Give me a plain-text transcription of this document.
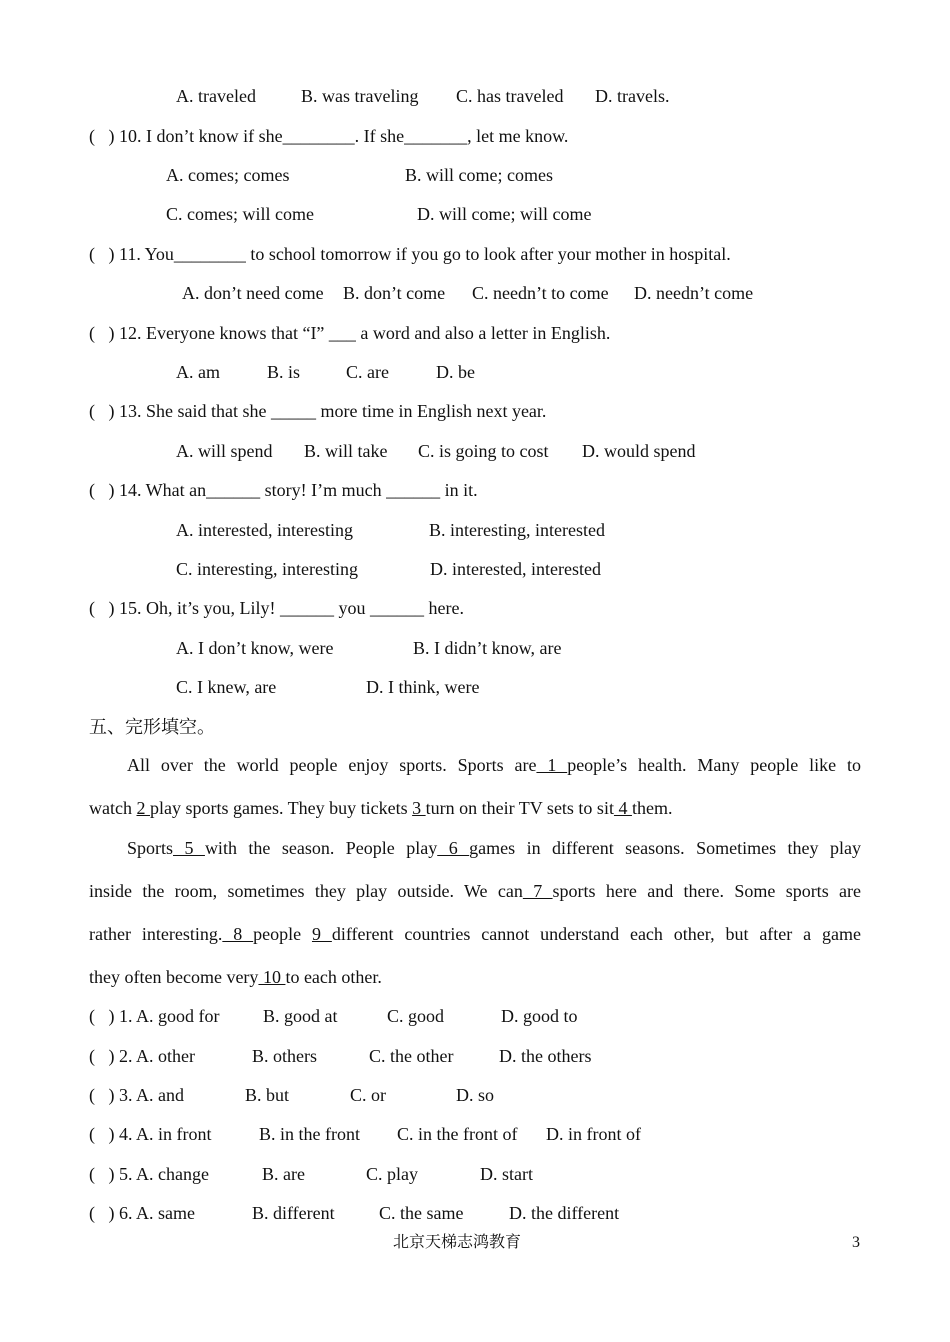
A. traveled	B. was traveling C. has traveled D. travels.
(   ) 10. I don’t know if she________. If she_______, let me know.
A. comes; comes	B. will come; comes
C. comes; will come	D. will come; will come
(   ) 11. You________ to school tomorrow if you go to look after your mother in hospital.
A. don’t need come B. don’t come C. needn’t to come D. needn’t come
(   ) 12. Everyone knows that “I” ___ a word and also a letter in English.
A. am	B. is	C. are	D. be
(   ) 13. She said that she _____ more time in English next year.
A. will spend B. will take C. is going to cost D. would spend
(   ) 14. What an______ story! I’m much ______ in it.
A. interested, interesting	B. interesting, interested
C. interesting, interesting	D. interested, interested
(   ) 15. Oh, it’s you, Lily! ______ you ______ here.
A. I don’t know, were	B. I didn’t know, are
C. I knew, are	D. I think, were
五、完形填空。
All over the world people enjoy sports. Sports are 1 people’s health. Many people like to
watch 2 play sports games. They buy tickets 3 turn on their TV sets to sit 4 them.
Sports 5 with the season. People play 6 games in different seasons. Sometimes they play
inside the room, sometimes they play outside. We can 7 sports here and there. Some sports are
rather interesting. 8 people 9 different countries cannot understand each other, but after a game
they often become very 10 to each other.
(   ) 1. A. good for B. good at	C. good	D. good to
(   ) 2. A. other	B. others	C. the other	D. the others
(   ) 3. A. and	B. but	C. or	D. so
(   ) 4. A. in front	B. in the front C. in the front of D. in front of
(   ) 5. A. change	B. are	C. play	D. start
(   ) 6. A. same	B. different C. the same	D. the different
北京天梯志鸿教育	3
